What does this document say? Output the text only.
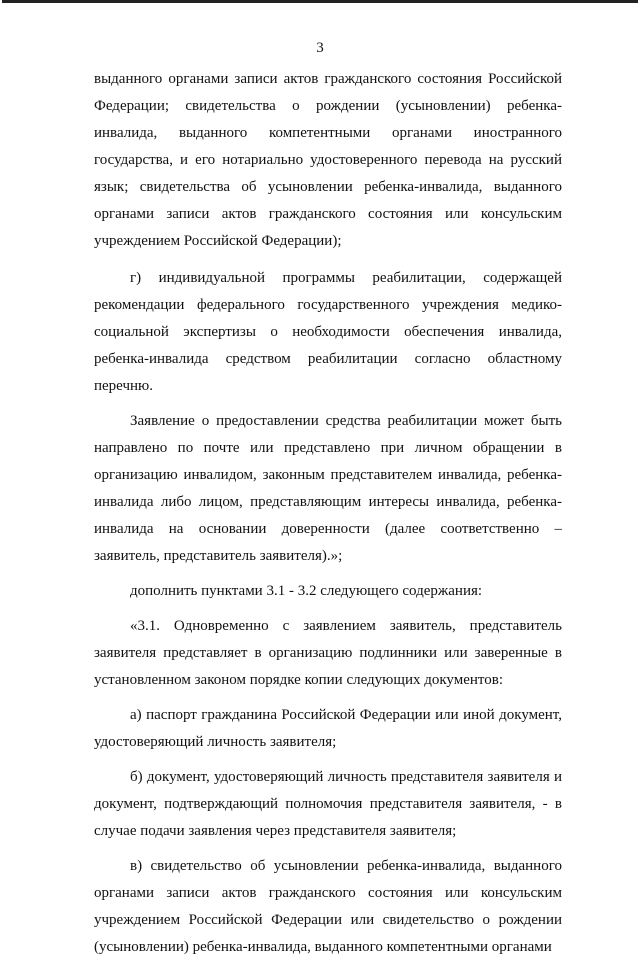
3

выданного органами записи актов гражданского состояния Российской Федерации; свидетельства о рождении (усыновлении) ребенка-инвалида, выданного компетентными органами иностранного государства, и его нотариально удостоверенного перевода на русский язык; свидетельства об усыновлении ребенка-инвалида, выданного органами записи актов гражданского состояния или консульским учреждением Российской Федерации);

г) индивидуальной программы реабилитации, содержащей рекомендации федерального государственного учреждения медико-социальной экспертизы о необходимости обеспечения инвалида, ребенка-инвалида средством реабилитации согласно областному перечню.

Заявление о предоставлении средства реабилитации может быть направлено по почте или представлено при личном обращении в организацию инвалидом, законным представителем инвалида, ребенка-инвалида либо лицом, представляющим интересы инвалида, ребенка-инвалида на основании доверенности (далее соответственно – заявитель, представитель заявителя).»;

дополнить пунктами 3.1 - 3.2 следующего содержания:

«3.1. Одновременно с заявлением заявитель, представитель заявителя представляет в организацию подлинники или заверенные в установленном законом порядке копии следующих документов:

а) паспорт гражданина Российской Федерации или иной документ, удостоверяющий личность заявителя;

б) документ, удостоверяющий личность представителя заявителя и документ, подтверждающий полномочия представителя заявителя, - в случае подачи заявления через представителя заявителя;

в) свидетельство об усыновлении ребенка-инвалида, выданного органами записи актов гражданского состояния или консульским учреждением Российской Федерации или свидетельство о рождении (усыновлении) ребенка-инвалида, выданного компетентными органами
